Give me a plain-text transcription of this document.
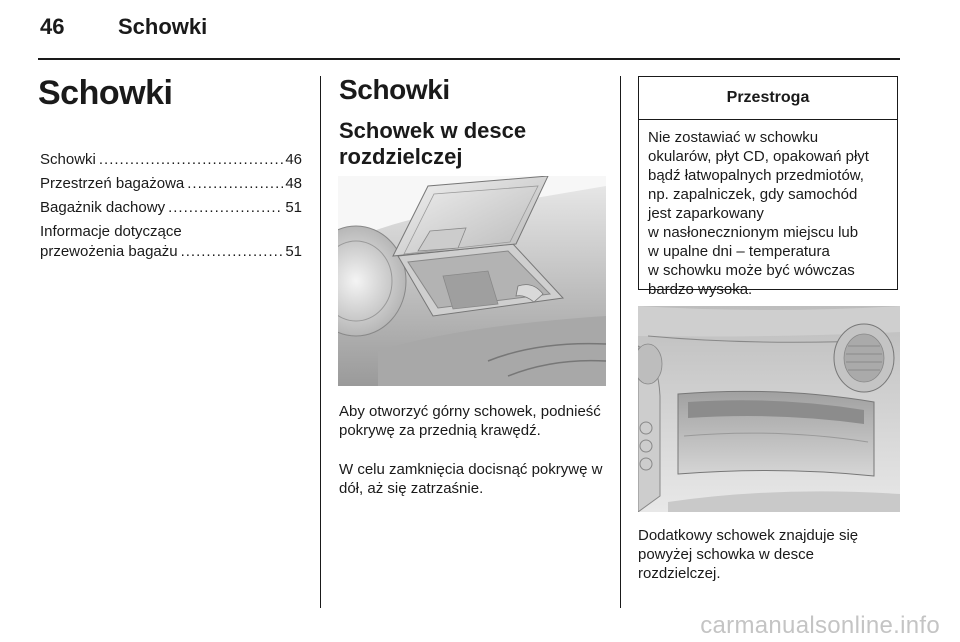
46 Schowki
Schowki
Schowki .....	46
Przestrzeń bagażowa .....	48
Bagażnik dachowy .....	51
Informacje dotyczące
przewożenia bagażu .....	51
Schowki
Schowek w desce rozdzielczej
Aby otworzyć górny schowek, podnieść pokrywę za przednią krawędź.
W celu zamknięcia docisnąć pokrywę w dół, aż się zatrzaśnie.
Przestroga
Nie zostawiać w schowku
okularów, płyt CD, opakowań płyt
bądź łatwopalnych przedmiotów,
np. zapalniczek, gdy samochód
jest zaparkowany
w nasłonecznionym miejscu lub
w upalne dni – temperatura
w schowku może być wówczas
bardzo wysoka.
Dodatkowy schowek znajduje się powyżej schowka w desce rozdzielczej.
carmanualsonline.info
